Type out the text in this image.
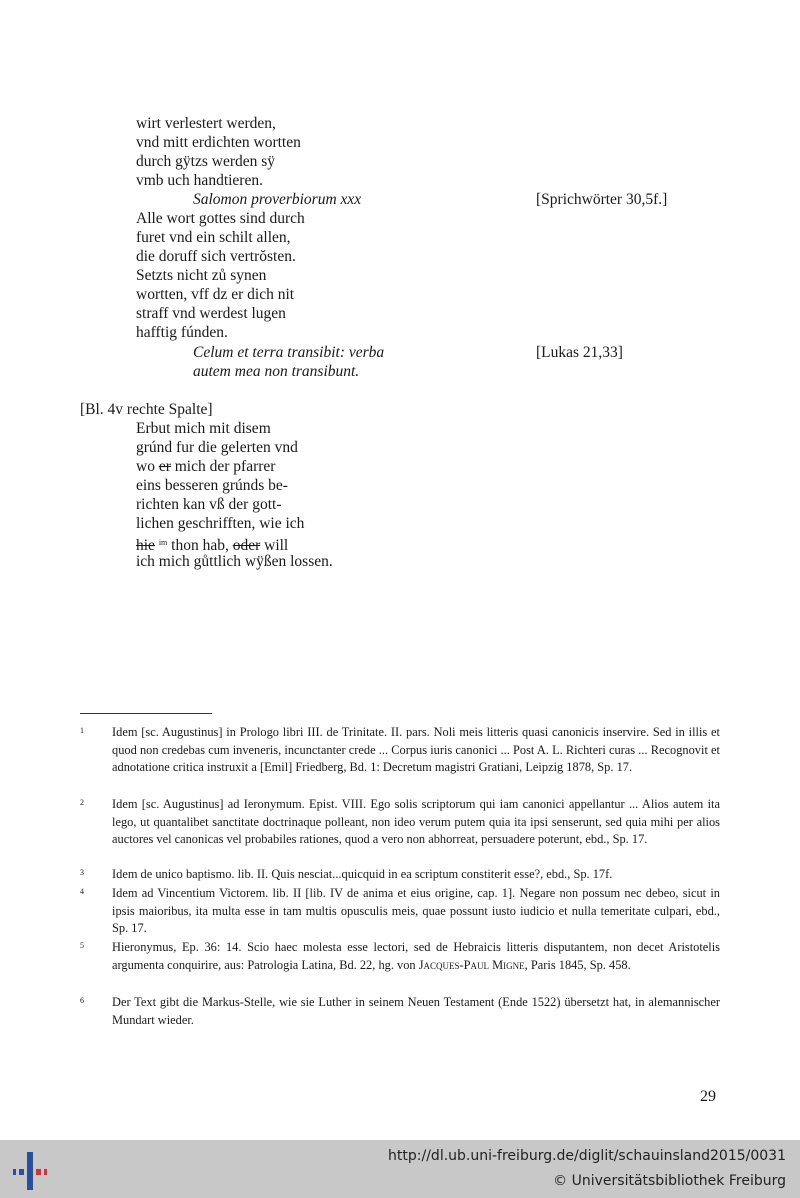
wirt verlestert werden,
vnd mitt erdichten wortten
durch gÿtzs werden sÿ
vmb uch handtieren.
Salomon proverbiorum xxx	[Sprichwörter 30,5f.]
Alle wort gottes sind durch
furet vnd ein schilt allen,
die doruff sich vertrŏsten.
Setzts nicht zů synen
wortten, vff dz er dich nit
straff vnd werdest lugen
hafftig fúnden.
Celum et terra transibit: verba	[Lukas 21,33]
autem mea non transibunt.
[Bl. 4v rechte Spalte]
Erbut mich mit disem
grúnd fur die gelerten vnd
wo er mich der pfarrer
eins besseren grúnds be-
richten kan vß der gott-
lichen geschrifften, wie ich
hie $^{im}$ thon hab, oder will
ich mich gůttlich wÿßen lossen.
1 Idem [sc. Augustinus] in Prologo libri III. de Trinitate. II. pars. Noli meis litteris quasi canonicis inservire. Sed in illis et quod non credebas cum inveneris, incunctanter crede ... Corpus iuris canonici ... Post A. L. Richteri curas ... Recognovit et adnotatione critica instruxit a [Emil] Friedberg, Bd. 1: Decretum magistri Gratiani, Leipzig 1878, Sp. 17.
2 Idem [sc. Augustinus] ad Ieronymum. Epist. VIII. Ego solis scriptorum qui iam canonici appellantur ... Alios autem ita lego, ut quantalibet sanctitate doctrinaque polleant, non ideo verum putem quia ita ipsi senserunt, sed quia mihi per alios auctores vel canonicas vel probabiles rationes, quod a vero non abhorreat, persuadere poterunt, ebd., Sp. 17.
3 Idem de unico baptismo. lib. II. Quis nesciat...quicquid in ea scriptum constiterit esse?, ebd., Sp. 17f.
4 Idem ad Vincentium Victorem. lib. II [lib. IV de anima et eius origine, cap. 1]. Negare non possum nec debeo, sicut in ipsis maioribus, ita multa esse in tam multis opusculis meis, quae possunt iusto iudicio et nulla temeritate culpari, ebd., Sp. 17.
5 Hieronymus, Ep. 36: 14. Scio haec molesta esse lectori, sed de Hebraicis litteris disputantem, non decet Aristotelis argumenta conquirire, aus: Patrologia Latina, Bd. 22, hg. von Jacques-Paul Migne, Paris 1845, Sp. 458.
6 Der Text gibt die Markus-Stelle, wie sie Luther in seinem Neuen Testament (Ende 1522) übersetzt hat, in alemannischer Mundart wieder.
29
http://dl.ub.uni-freiburg.de/diglit/schauinsland2015/0031
© Universitätsbibliothek Freiburg
